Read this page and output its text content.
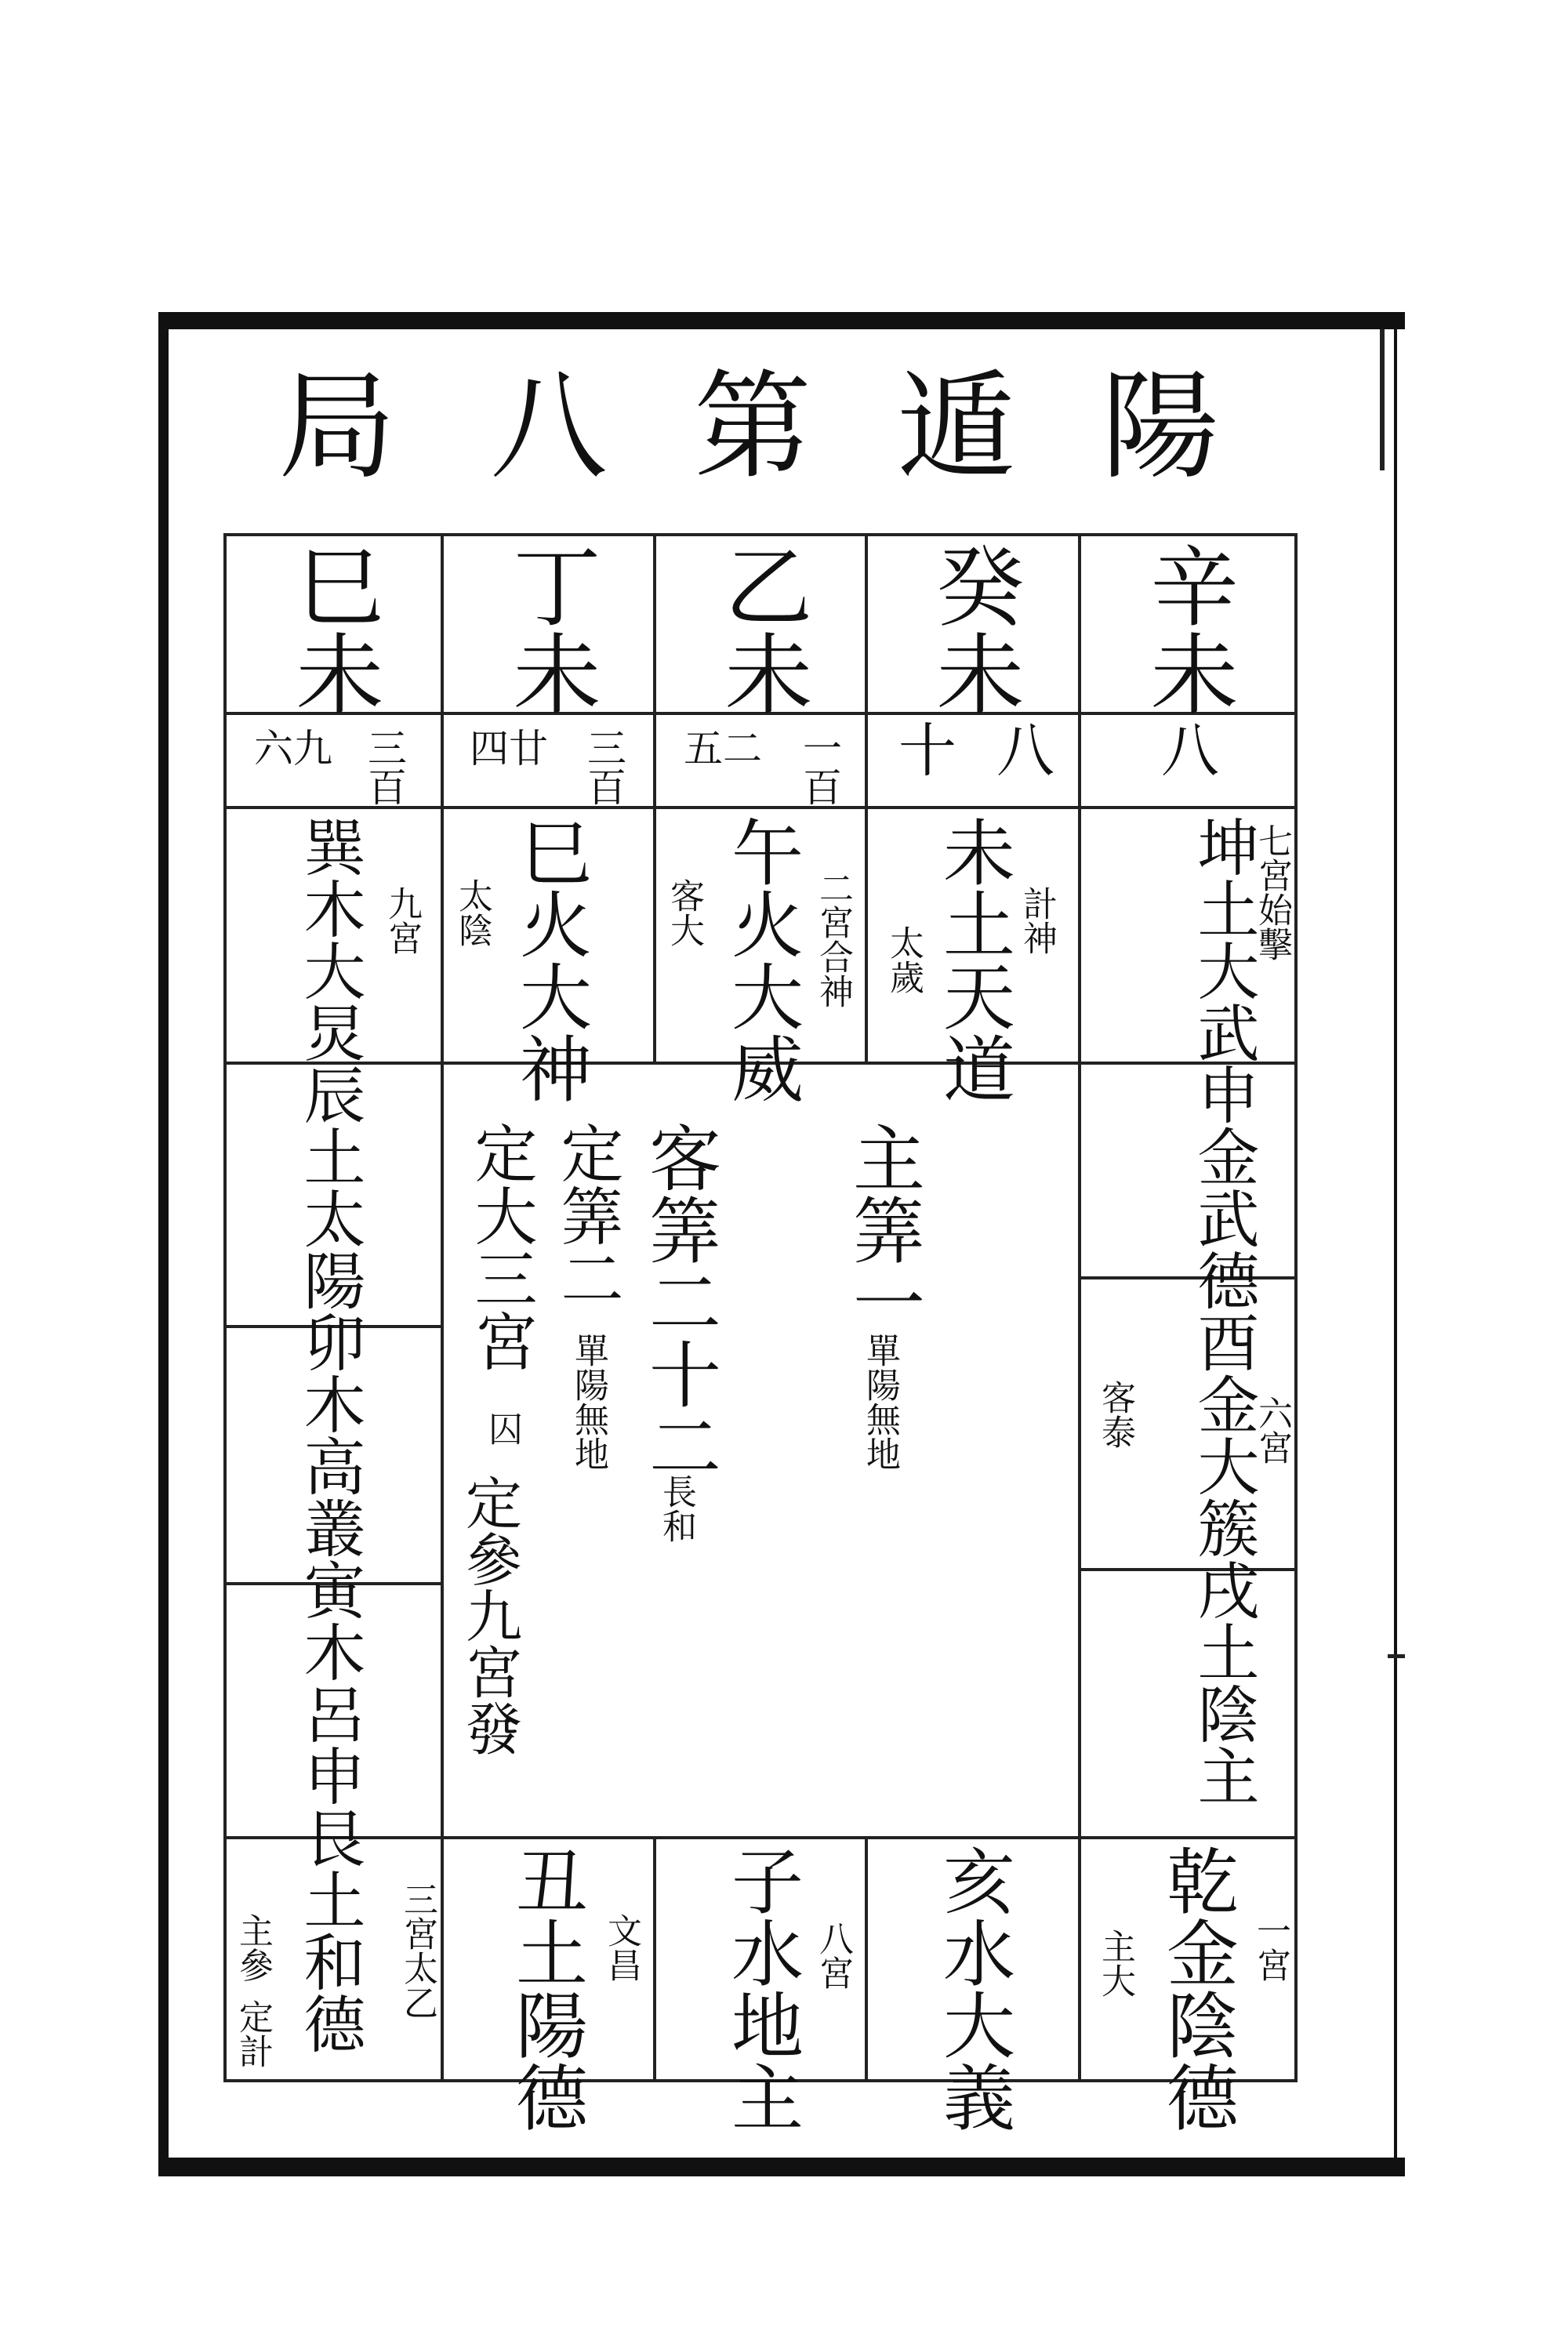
陽
遁
第
八
局
辛未
癸未
乙未
丁未
巳未
八
八
十
一百
二
五
三百
廿
四
三百
九
六
坤土大武申金武德酉金大簇戌土陰主
七宮始擊
六宮
客泰
未土天道 計神
太歲
午火大威 二宮合神
客大
巳火大神
太陰
巽木大炅辰土太陽卯木高叢寅木呂申艮土和德 九宮
三宮太乙
主參
定計
主筭一
單陽無地
客筭二十二
長和
定筭二
單陽無地
定大三宮
囚
定參九宮發
乾金陰德 一宮
主大
亥水大義
子水地主 八宮
丑土陽德 文昌
